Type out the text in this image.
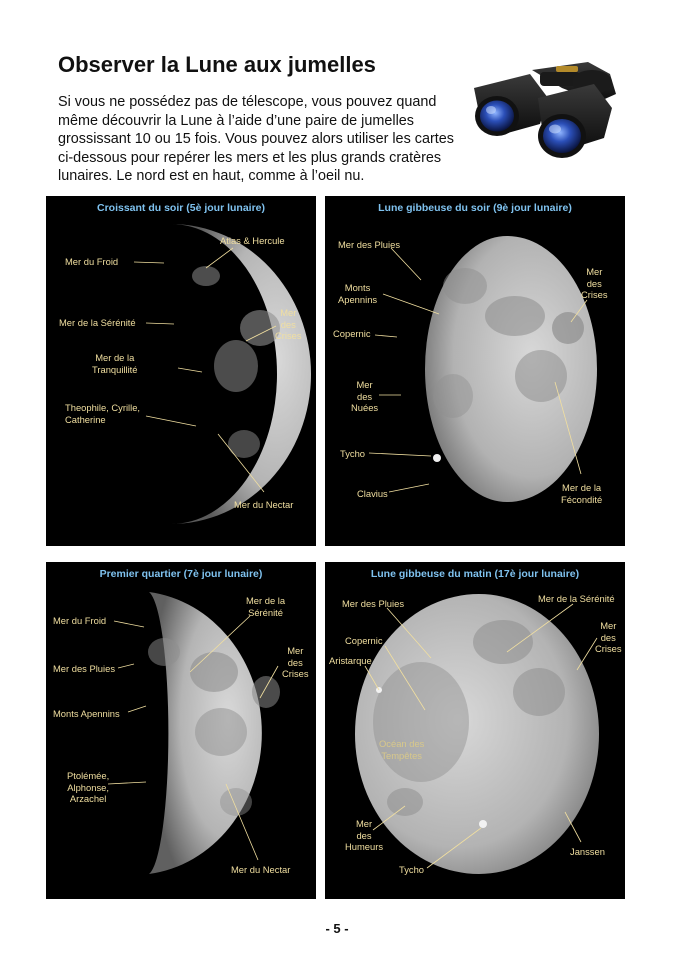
Observer la Lune aux jumelles

Si vous ne possédez pas de télescope, vous pouvez quand même découvrir la Lune à l’aide d’une paire de jumelles grossissant 10 ou 15 fois. Vous pouvez alors utiliser les cartes ci-dessous pour repérer les mers et les plus grands cratères lunaires. Le nord est en haut, comme à l’oeil nu.

Croissant du soir (5è jour lunaire)
Atlas & Hercule
Mer du Froid
Mer de la Sérénité
Mer
des
Crises
Mer de la
Tranquillité
Theophile, Cyrille,
Catherine
Mer du Nectar
Lune gibbeuse du soir (9è jour lunaire)
Mer des Pluies
Monts
Apennins
Copernic
Mer
des
Crises
Mer
des
Nuées
Tycho
Clavius
Mer de la
Fécondité
Premier quartier (7è jour lunaire)
Mer du Froid
Mer des Pluies
Monts Apennins
Mer de la
Sérénité
Mer
des
Crises
Ptolémée,
Alphonse,
Arzachel
Mer du Nectar
Lune gibbeuse du matin (17è jour lunaire)
Mer des Pluies	Mer de la Sérénité
Copernic
Aristarque
Mer
des
Crises
Océan des
Tempêtes
Mer
des
Humeurs	Janssen
Tycho
- 5 -
